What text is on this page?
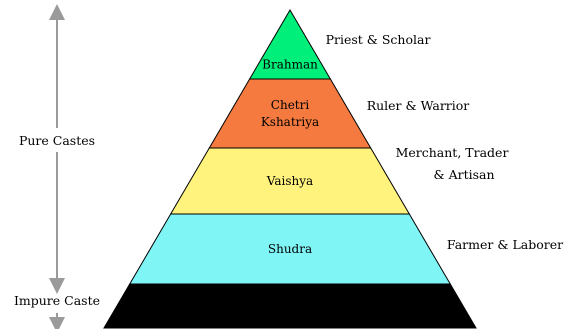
Pure Castes
Impure Caste
Brahman
Chetri
Kshatriya
Vaishya
Shudra
Untochables
Priest & Scholar
Ruler & Warrior
Merchant, Trader
& Artisan
Farmer & Laborer
